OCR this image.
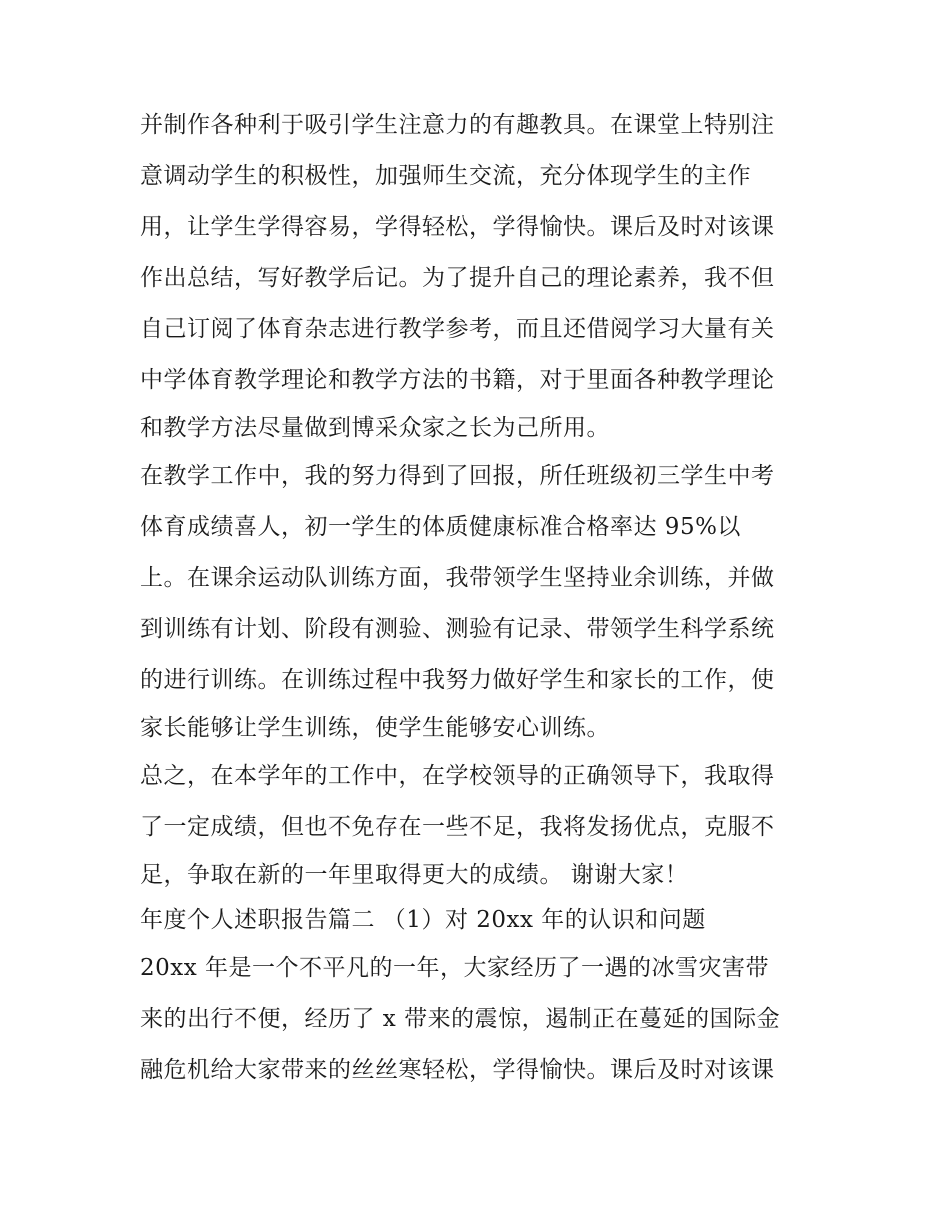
并制作各种利于吸引学生注意力的有趣教具。在课堂上特别注
意调动学生的积极性，加强师生交流，充分体现学生的主作
用，让学生学得容易，学得轻松，学得愉快。课后及时对该课
作出总结，写好教学后记。为了提升自己的理论素养，我不但
自己订阅了体育杂志进行教学参考，而且还借阅学习大量有关
中学体育教学理论和教学方法的书籍，对于里面各种教学理论
和教学方法尽量做到博采众家之长为己所用。
在教学工作中，我的努力得到了回报，所任班级初三学生中考
体育成绩喜人，初一学生的体质健康标准合格率达 95%以
上。在课余运动队训练方面，我带领学生坚持业余训练，并做
到训练有计划、阶段有测验、测验有记录、带领学生科学系统
的进行训练。在训练过程中我努力做好学生和家长的工作，使
家长能够让学生训练，使学生能够安心训练。
总之，在本学年的工作中，在学校领导的正确领导下，我取得
了一定成绩，但也不免存在一些不足，我将发扬优点，克服不
足，争取在新的一年里取得更大的成绩。 谢谢大家！
年度个人述职报告篇二 （1）对 20xx 年的认识和问题
20xx 年是一个不平凡的一年，大家经历了一遇的冰雪灾害带
来的出行不便，经历了 x 带来的震惊，遏制正在蔓延的国际金
融危机给大家带来的丝丝寒轻松，学得愉快。课后及时对该课
